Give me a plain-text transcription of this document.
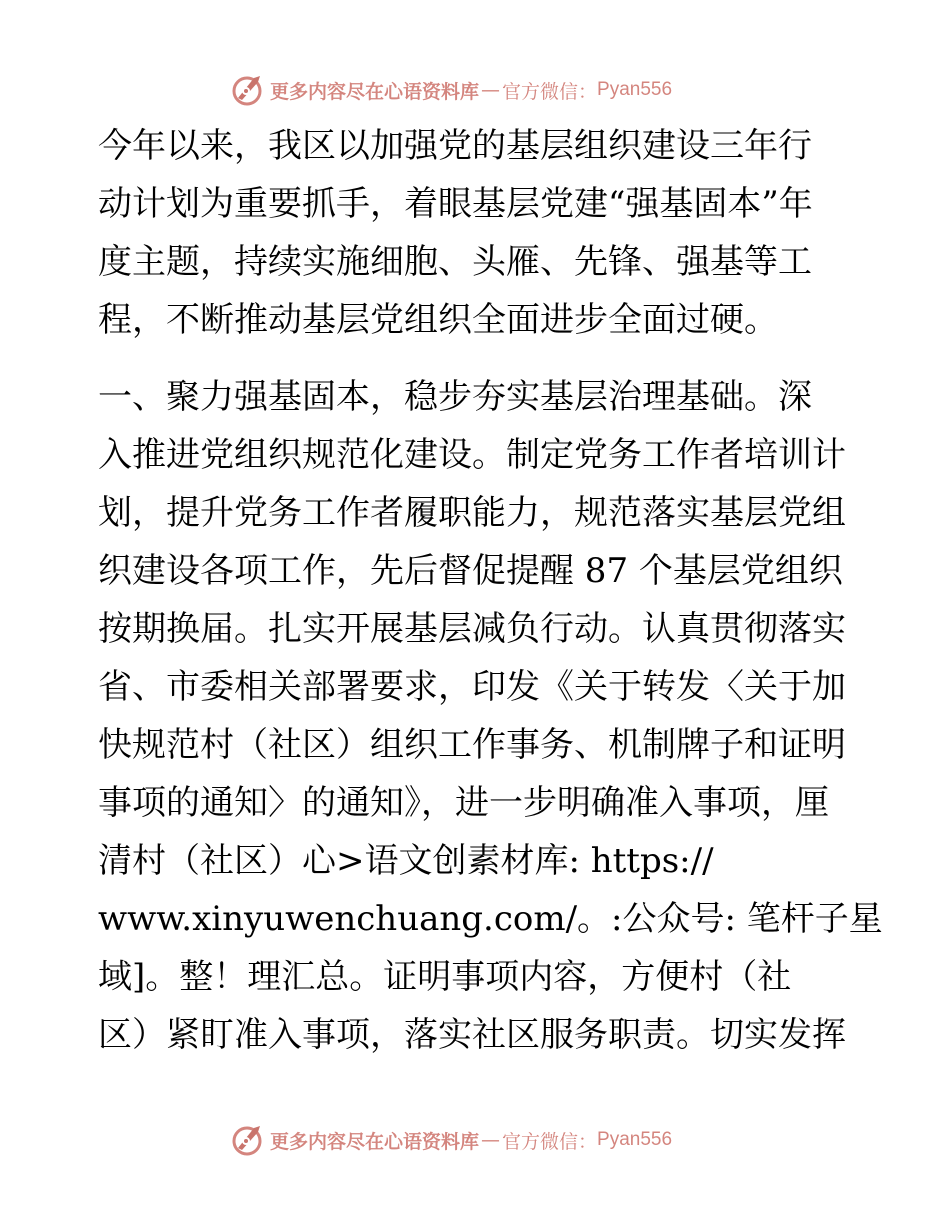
更多内容尽在心语资料库 — 官方微信： Pyan556
今年以来，我区以加强党的基层组织建设三年行
动计划为重要抓手，着眼基层党建“强基固本”年
度主题，持续实施细胞、头雁、先锋、强基等工
程，不断推动基层党组织全面进步全面过硬。
一、聚力强基固本，稳步夯实基层治理基础。深
入推进党组织规范化建设。制定党务工作者培训计
划，提升党务工作者履职能力，规范落实基层党组
织建设各项工作，先后督促提醒 87 个基层党组织
按期换届。扎实开展基层减负行动。认真贯彻落实
省、市委相关部署要求，印发《关于转发〈关于加
快规范村（社区）组织工作事务、机制牌子和证明
事项的通知〉的通知》，进一步明确准入事项，厘
清村（社区）心>语文创素材库: https://
www.xinyuwenchuang.com/。:公众号: 笔杆子星
域]。整！理汇总。证明事项内容，方便村（社
区）紧盯准入事项，落实社区服务职责。切实发挥
更多内容尽在心语资料库 — 官方微信： Pyan556
